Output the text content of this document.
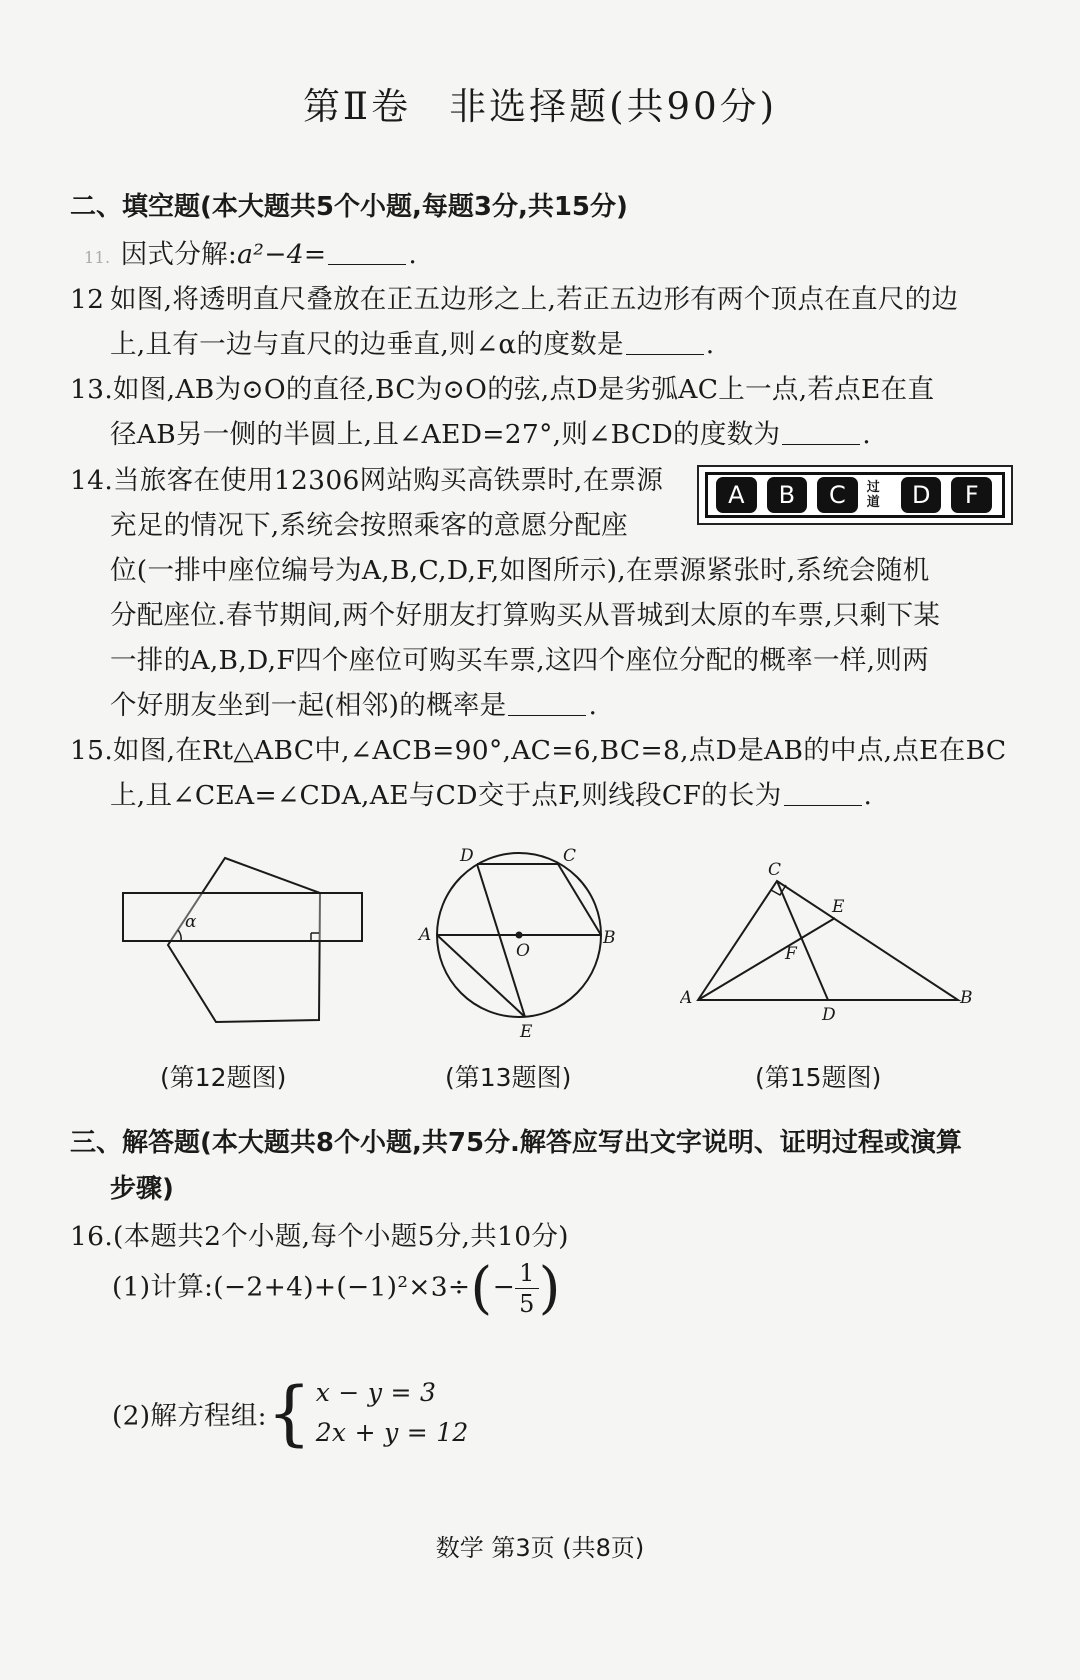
第Ⅱ卷 非选择题(共90分)
二、填空题(本大题共5个小题,每题3分,共15分)
11. 因式分解:a²−4=	.
12 如图,将透明直尺叠放在正五边形之上,若正五边形有两个顶点在直尺的边
上,且有一边与直尺的边垂直,则∠α的度数是	.
13.如图,AB为⊙O的直径,BC为⊙O的弦,点D是劣弧AC上一点,若点E在直
径AB另一侧的半圆上,且∠AED=27°,则∠BCD的度数为	.
14.当旅客在使用12306网站购买高铁票时,在票源
充足的情况下,系统会按照乘客的意愿分配座
位(一排中座位编号为A,B,C,D,F,如图所示),在票源紧张时,系统会随机
分配座位.春节期间,两个好朋友打算购买从晋城到太原的车票,只剩下某
一排的A,B,D,F四个座位可购买车票,这四个座位分配的概率一样,则两
个好朋友坐到一起(相邻)的概率是	.
A	B	C	过
道	D	F
15.如图,在Rt△ABC中,∠ACB=90°,AC=6,BC=8,点D是AB的中点,点E在BC
上,且∠CEA=∠CDA,AE与CD交于点F,则线段CF的长为	.
α
(第12题图)
D	C
A	B
O
E
(第13题图)
C
E
F
A
D
B
(第15题图)
三、解答题(本大题共8个小题,共75分.解答应写出文字说明、证明过程或演算
步骤)
16.(本题共2个小题,每个小题5分,共10分)
(1)计算:(−2+4)+(−1)²×3÷(− $\frac{1}{5}$ )
(2)解方程组:{ x − y = 3
2x + y = 12
数学 第3页 (共8页)
